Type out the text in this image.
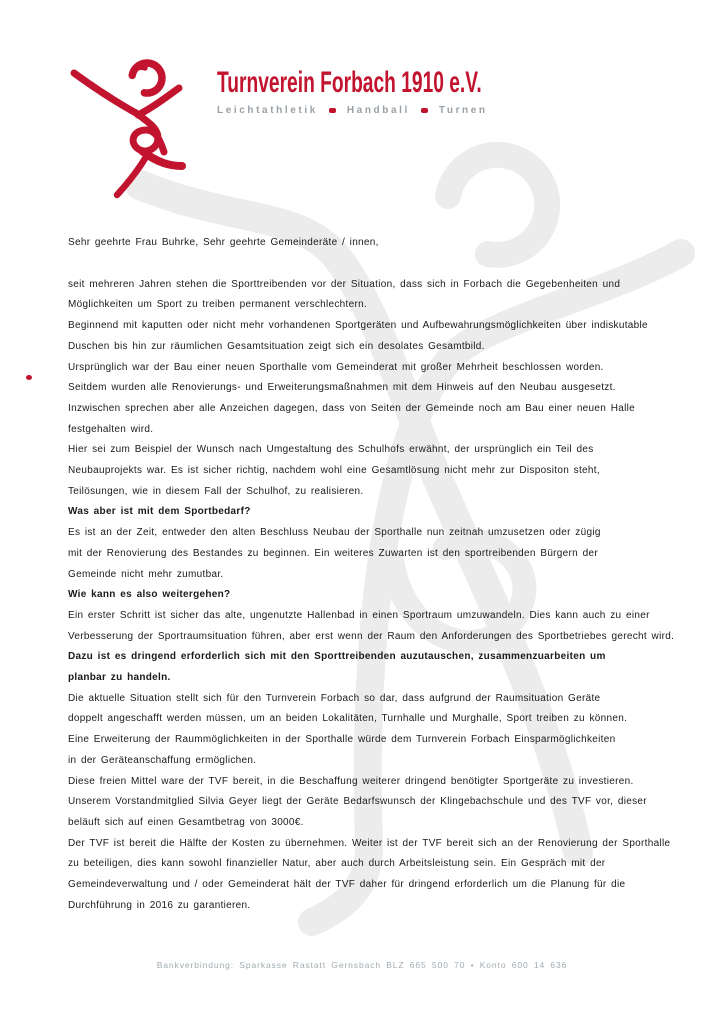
Turnverein Forbach 1910 e.V.
Leichtathletik	Handball	Turnen

Sehr geehrte Frau Buhrke, Sehr geehrte Gemeinderäte / innen,

seit mehreren Jahren stehen die Sporttreibenden vor der Situation, dass sich in Forbach die Gegebenheiten und
Möglichkeiten um Sport zu treiben permanent verschlechtern.
Beginnend mit kaputten oder nicht mehr vorhandenen Sportgeräten und Aufbewahrungsmöglichkeiten über indiskutable
Duschen bis hin zur räumlichen Gesamtsituation zeigt sich ein desolates Gesamtbild.
Ursprünglich war der Bau einer neuen Sporthalle vom Gemeinderat mit großer Mehrheit beschlossen worden.
Seitdem wurden alle Renovierungs- und Erweiterungsmaßnahmen mit dem Hinweis auf den Neubau ausgesetzt.
Inzwischen sprechen aber alle Anzeichen dagegen, dass von Seiten der Gemeinde noch am Bau einer neuen Halle
festgehalten wird.
Hier sei zum Beispiel der Wunsch nach Umgestaltung des Schulhofs erwähnt, der ursprünglich ein Teil des
Neubauprojekts war. Es ist sicher richtig, nachdem wohl eine Gesamtlösung nicht mehr zur Dispositon steht,
Teilösungen, wie in diesem Fall der Schulhof, zu realisieren.
Was aber ist mit dem Sportbedarf?
Es ist an der Zeit, entweder den alten Beschluss Neubau der Sporthalle nun zeitnah umzusetzen oder zügig
mit der Renovierung des Bestandes zu beginnen. Ein weiteres Zuwarten ist den sportreibenden Bürgern der
Gemeinde nicht mehr zumutbar.
Wie kann es also weitergehen?
Ein erster Schritt ist sicher das alte, ungenutzte Hallenbad in einen Sportraum umzuwandeln. Dies kann auch zu einer
Verbesserung der Sportraumsituation führen, aber erst wenn der Raum den Anforderungen des Sportbetriebes gerecht wird.
Dazu ist es dringend erforderlich sich mit den Sporttreibenden auzutauschen, zusammenzuarbeiten um
planbar zu handeln.
Die aktuelle Situation stellt sich für den Turnverein Forbach so dar, dass aufgrund der Raumsituation Geräte
doppelt angeschafft werden müssen, um an beiden Lokalitäten, Turnhalle und Murghalle, Sport treiben zu können.
Eine Erweiterung der Raummöglichkeiten in der Sporthalle würde dem Turnverein Forbach Einsparmöglichkeiten
in der Geräteanschaffung ermöglichen.
Diese freien Mittel ware der TVF bereit, in die Beschaffung weiterer dringend benötigter Sportgeräte zu investieren.
Unserem Vorstandmitglied Silvia Geyer liegt der Geräte Bedarfswunsch der Klingebachschule und des TVF vor, dieser
beläuft sich auf einen Gesamtbetrag von 3000€.
Der TVF ist bereit die Hälfte der Kosten zu übernehmen. Weiter ist der TVF bereit sich an der Renovierung der Sporthalle
zu beteiligen, dies kann sowohl finanzieller Natur, aber auch durch Arbeitsleistung sein. Ein Gespräch mit der
Gemeindeverwaltung und / oder Gemeinderat hält der TVF daher für dringend erforderlich um die Planung für die
Durchführung in 2016 zu garantieren.
Bankverbindung: Sparkasse Rastatt Gernsbach BLZ 665 500 70 • Konto 600 14 636
